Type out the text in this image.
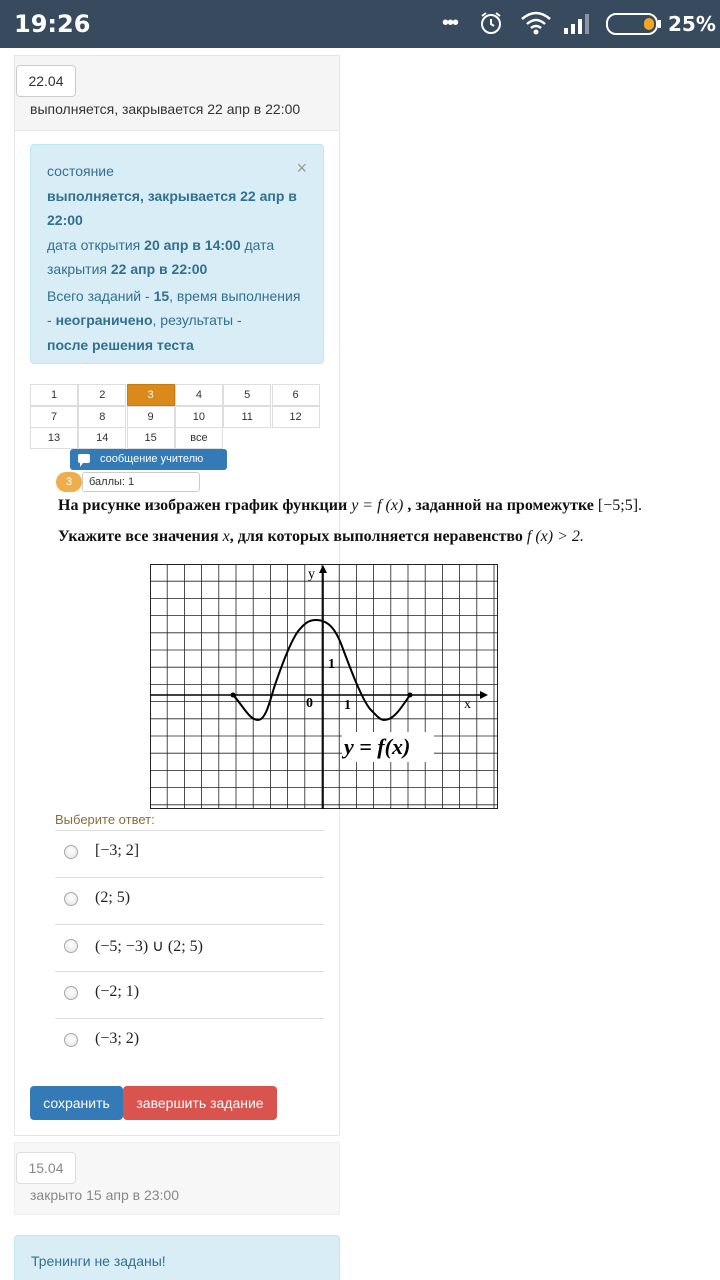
19:26	•••	25%
22.04
выполняется, закрывается 22 апр в 22:00
×
состояние
выполняется, закрывается 22 апр в 22:00
дата открытия 20 апр в 14:00 дата закрытия 22 апр в 22:00
Всего заданий - 15, время выполнения - неограничено, результаты -
после решения теста
1	2	3	4	5	6
7	8	9	10	11	12
13	14	15	все
сообщение учителю
3	баллы: 1
На рисунке изображен график функции y = f (x) , заданной на промежутке [−5;5].
Укажите все значения x, для которых выполняется неравенство f (x) > 2.
y
x
0 1
1
y = f(x)
Выберите ответ:
[−3; 2]
(2; 5)
(−5; −3) ∪ (2; 5)
(−2; 1)
(−3; 2)
сохранить	завершить задание
15.04
закрыто 15 апр в 23:00
Тренинги не заданы!
